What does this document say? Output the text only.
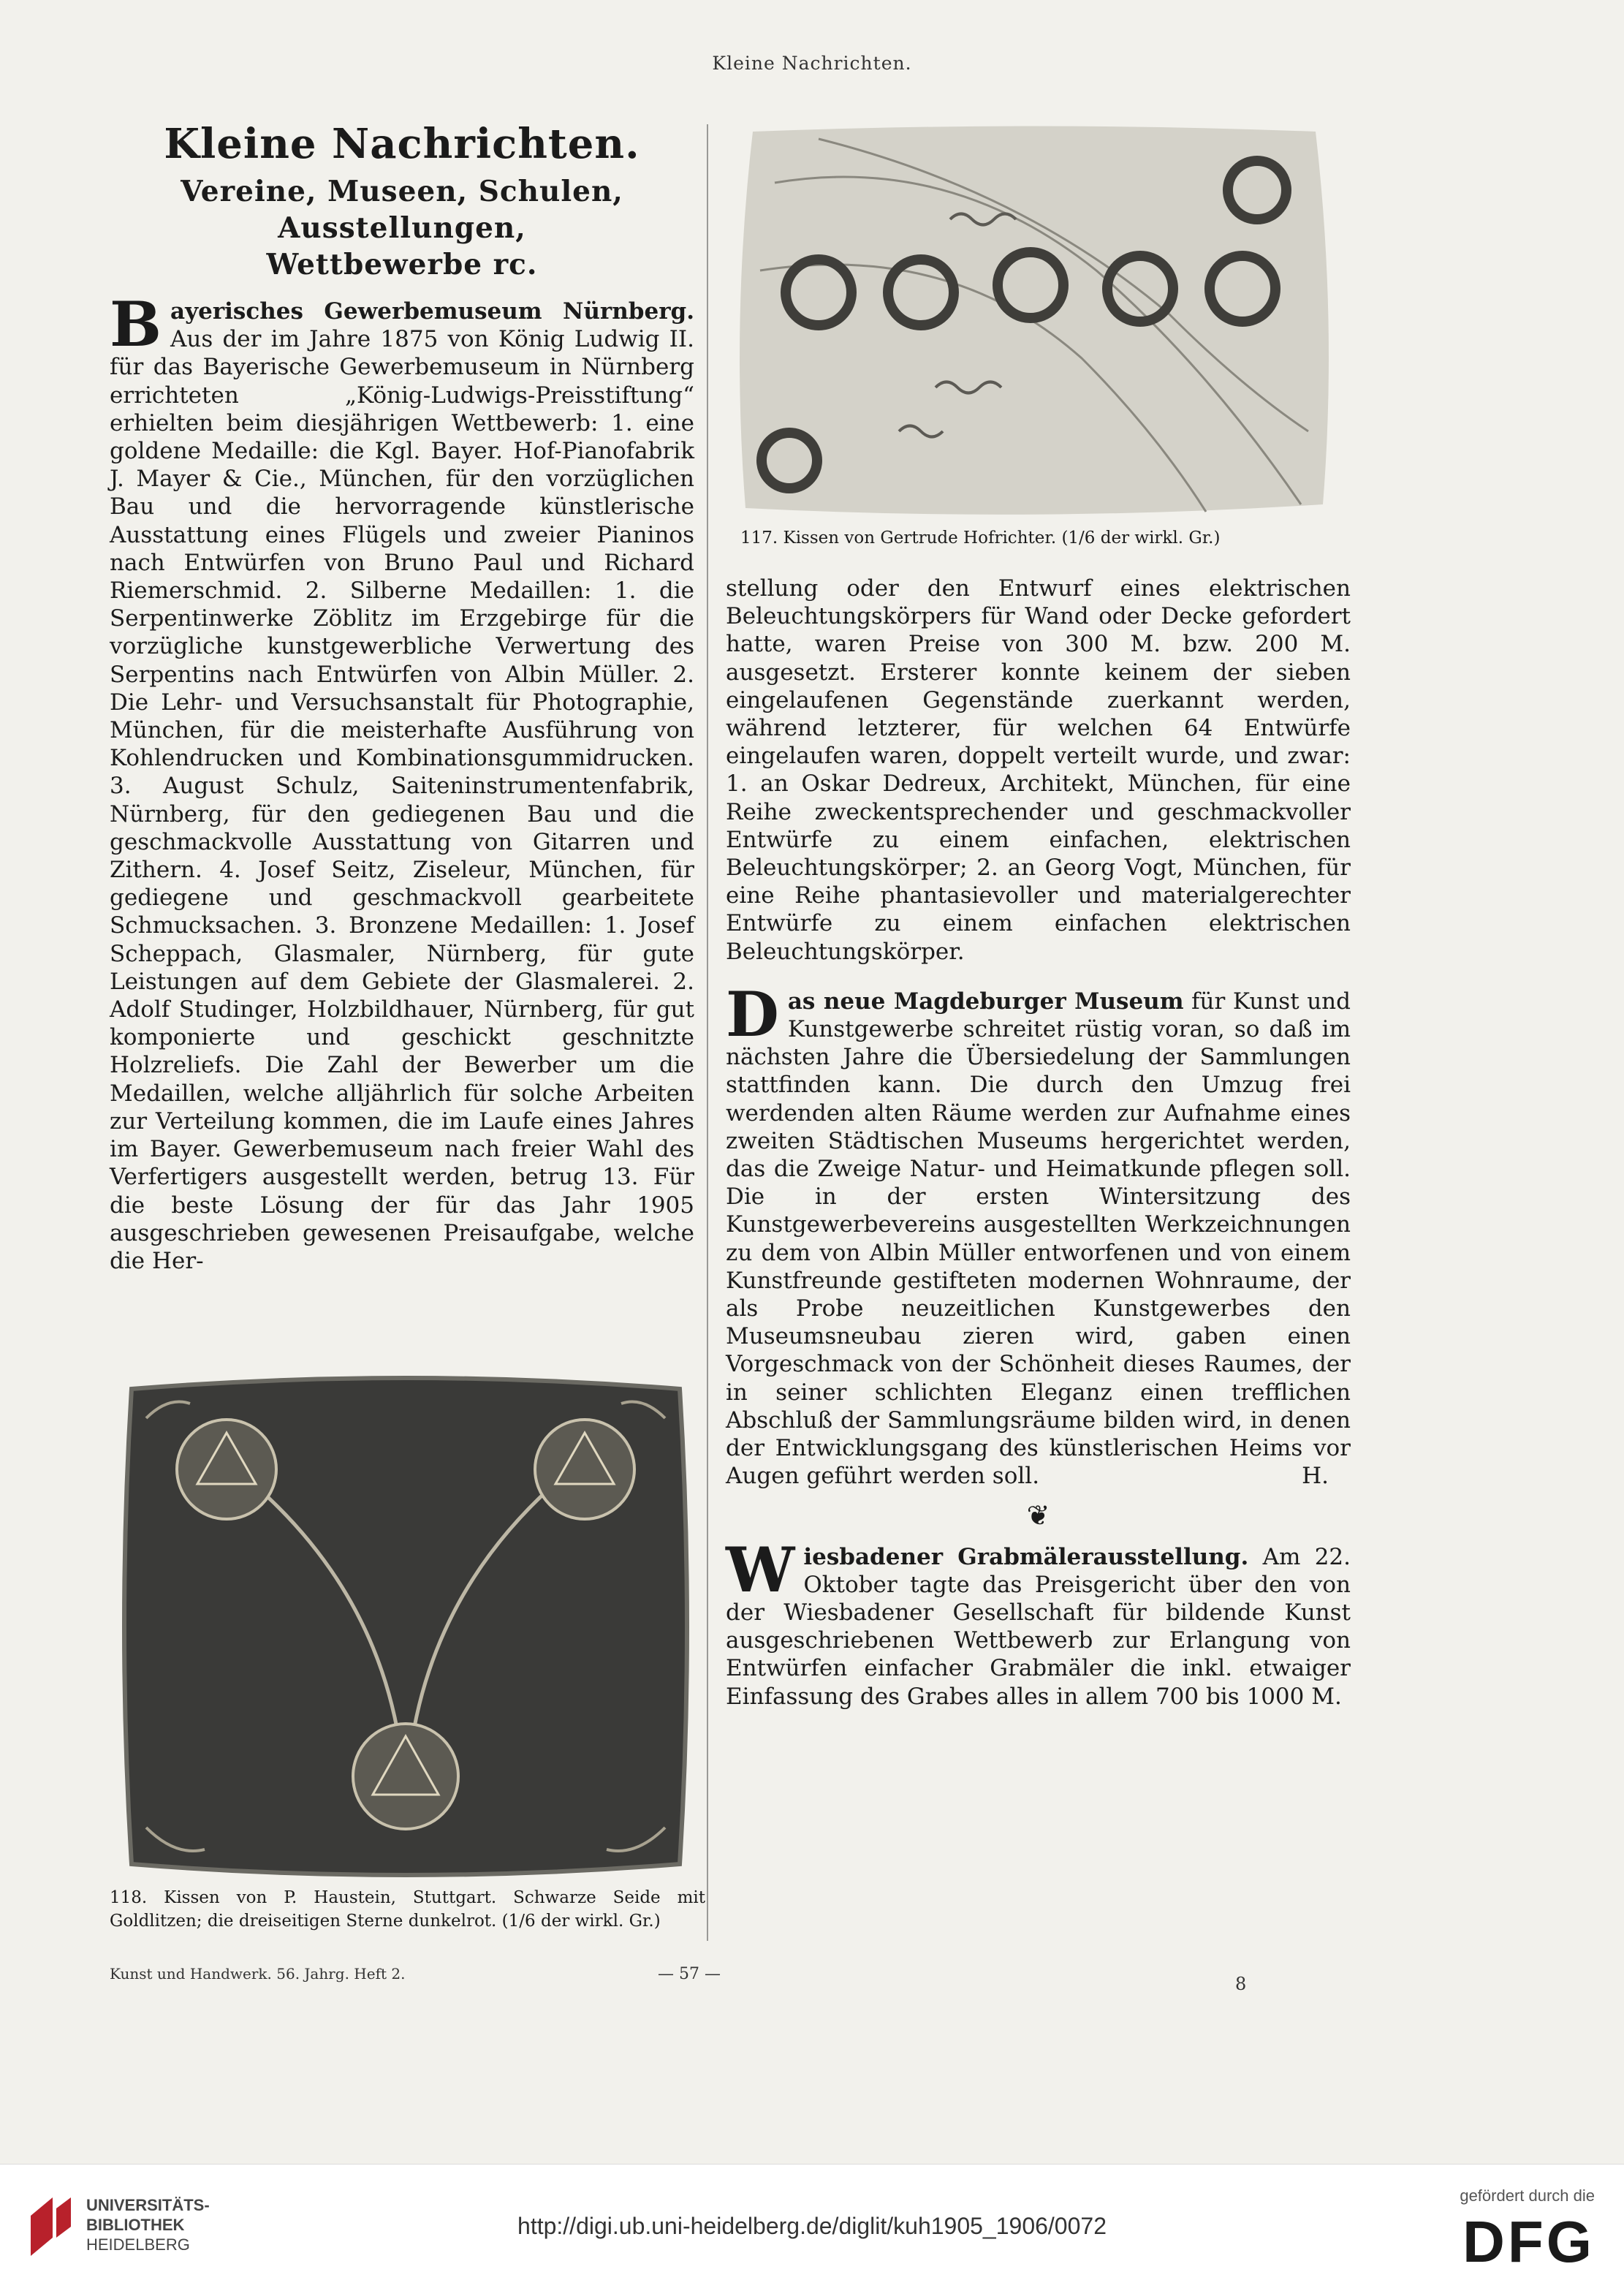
Kleine Nachrichten.
Kleine Nachrichten.
Vereine, Museen, Schulen, Ausstellungen,
Wettbewerbe rc.

Bayerisches Gewerbemuseum Nürnberg. Aus der im Jahre 1875 von König Ludwig II. für das Bayerische Gewerbemuseum in Nürnberg errichteten „König-Ludwigs-Preisstiftung“ erhielten beim diesjährigen Wettbewerb: 1. eine goldene Medaille: die Kgl. Bayer. Hof-Pianofabrik J. Mayer & Cie., München, für den vorzüglichen Bau und die hervorragende künstlerische Ausstattung eines Flügels und zweier Pianinos nach Entwürfen von Bruno Paul und Richard Riemerschmid. 2. Silberne Medaillen: 1. die Serpentinwerke Zöblitz im Erzgebirge für die vorzügliche kunstgewerbliche Verwertung des Serpentins nach Entwürfen von Albin Müller. 2. Die Lehr- und Versuchsanstalt für Photographie, München, für die meisterhafte Ausführung von Kohlendrucken und Kombinationsgummidrucken. 3. August Schulz, Saiteninstrumentenfabrik, Nürnberg, für den gediegenen Bau und die geschmackvolle Ausstattung von Gitarren und Zithern. 4. Josef Seitz, Ziseleur, München, für gediegene und geschmackvoll gearbeitete Schmucksachen. 3. Bronzene Medaillen: 1. Josef Scheppach, Glasmaler, Nürnberg, für gute Leistungen auf dem Gebiete der Glasmalerei. 2. Adolf Studinger, Holzbildhauer, Nürnberg, für gut komponierte und geschickt geschnitzte Holzreliefs. Die Zahl der Bewerber um die Medaillen, welche alljährlich für solche Arbeiten zur Verteilung kommen, die im Laufe eines Jahres im Bayer. Gewerbemuseum nach freier Wahl des Verfertigers ausgestellt werden, betrug 13. Für die beste Lösung der für das Jahr 1905 ausgeschrieben gewesenen Preisaufgabe, welche die Her-

118. Kissen von P. Haustein, Stuttgart. Schwarze Seide mit Goldlitzen; die dreiseitigen Sterne dunkelrot. (1/6 der wirkl. Gr.)

117. Kissen von Gertrude Hofrichter. (1/6 der wirkl. Gr.)

stellung oder den Entwurf eines elektrischen Beleuchtungskörpers für Wand oder Decke gefordert hatte, waren Preise von 300 M. bzw. 200 M. ausgesetzt. Ersterer konnte keinem der sieben eingelaufenen Gegenstände zuerkannt werden, während letzterer, für welchen 64 Entwürfe eingelaufen waren, doppelt verteilt wurde, und zwar: 1. an Oskar Dedreux, Architekt, München, für eine Reihe zweckentsprechender und geschmackvoller Entwürfe zu einem einfachen, elektrischen Beleuchtungskörper; 2. an Georg Vogt, München, für eine Reihe phantasievoller und materialgerechter Entwürfe zu einem einfachen elektrischen Beleuchtungskörper.

Das neue Magdeburger Museum für Kunst und Kunstgewerbe schreitet rüstig voran, so daß im nächsten Jahre die Übersiedelung der Sammlungen stattfinden kann. Die durch den Umzug frei werdenden alten Räume werden zur Aufnahme eines zweiten Städtischen Museums hergerichtet werden, das die Zweige Natur- und Heimatkunde pflegen soll. Die in der ersten Wintersitzung des Kunstgewerbevereins ausgestellten Werkzeichnungen zu dem von Albin Müller entworfenen und von einem Kunstfreunde gestifteten modernen Wohnraume, der als Probe neuzeitlichen Kunstgewerbes den Museumsneubau zieren wird, gaben einen Vorgeschmack von der Schönheit dieses Raumes, der in seiner schlichten Eleganz einen trefflichen Abschluß der Sammlungsräume bilden wird, in denen der Entwicklungsgang des künstlerischen Heims vor Augen geführt werden soll.	H.

❦

Wiesbadener Grabmälerausstellung. Am 22. Oktober tagte das Preisgericht über den von der Wiesbadener Gesellschaft für bildende Kunst ausgeschriebenen Wettbewerb zur Erlangung von Entwürfen einfacher Grabmäler die inkl. etwaiger Einfassung des Grabes alles in allem 700 bis 1000 M.

Kunst und Handwerk. 56. Jahrg. Heft 2.	— 57 —	8
UNIVERSITÄTS-
BIBLIOTHEK
HEIDELBERG
http://digi.ub.uni-heidelberg.de/diglit/kuh1905_1906/0072
gefördert durch die
DFG
